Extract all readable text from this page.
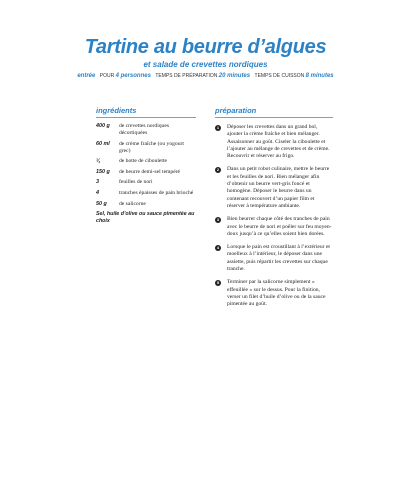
Tartine au beurre d’algues
et salade de crevettes nordiques
entrée POUR 4 personnes TEMPS DE PRÉPARATION 20 minutes TEMPS DE CUISSON 8 minutes
ingrédients	préparation
400 g de crevettes nordiques décortiquées
60 ml de crème fraîche (ou yogourt grec)
¼	de botte de ciboulette
150 g de beurre demi-sel tempéré
3	feuilles de nori
4	tranches épaisses de pain brioché
50 g de salicorne
Sel, huile d’olive ou sauce pimentée au choix
1	Déposer les crevettes dans un grand bol, ajouter la crème fraîche et bien mélanger. Assaisonner au goût. Ciseler la ciboulette et l’ajouter au mélange de crevettes et de crème. Recouvrir et réserver au frigo.
2	Dans un petit robot culinaire, mettre le beurre et les feuilles de nori. Bien mélanger afin d’obtenir un beurre vert-gris foncé et homogène. Déposer le beurre dans un contenant recouvert d’un papier film et réserver à température ambiante.
3	Bien beurrer chaque côté des tranches de pain avec le beurre de nori et poêler sur feu moyen-doux jusqu’à ce qu’elles soient bien dorées.
4	Lorsque le pain est croustillant à l’extérieur et moelleux à l’intérieur, le déposer dans une assiette, puis répartir les crevettes sur chaque tranche.
5	Terminer par la salicorne simplement « effeuillée » sur le dessus. Pour la finition, verser un filet d’huile d’olive ou de la sauce pimentée au goût.
